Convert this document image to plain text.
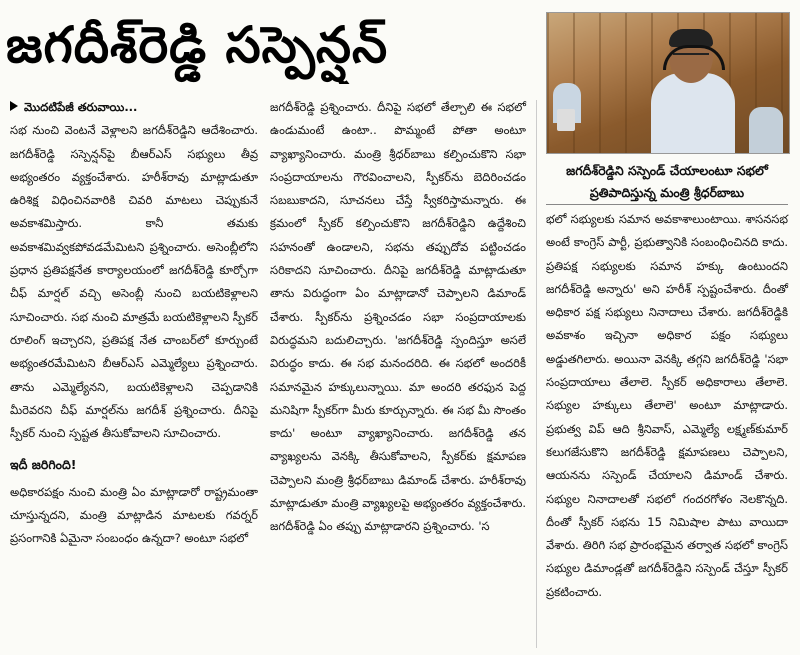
జగదీశ్‌రెడ్డి సస్పెన్షన్
జగదీశ్‌రెడ్డిని సస్పెండ్ చేయాలంటూ సభలో ప్రతిపాదిస్తున్న మంత్రి శ్రీధర్‌బాబు
మొదటిపేజీ తరువాయి...

సభ నుంచి వెంటనే వెళ్లాలని జగదీశ్‌రెడ్డిని ఆదేశించారు. జగదీశ్‌రెడ్డి సస్పెన్షన్‌పై బీఆర్ఎస్ సభ్యులు తీవ్ర అభ్యంతరం వ్యక్తంచేశారు. హరీశ్‌రావు మాట్లాడుతూ ఉరిశిక్ష విధించినవారికి చివరి మాటలు చెప్పుకునే అవకాశమిస్తారు. కానీ తమకు అవకాశమివ్వకపోవడమేమిటని ప్రశ్నించారు. అసెంబ్లీలోని ప్రధాన ప్రతిపక్షనేత కార్యాలయంలో జగదీశ్‌రెడ్డి కూర్చోగా చీఫ్ మార్షల్ వచ్చి అసెంబ్లీ నుంచి బయటికెళ్లాలని సూచించారు. సభ నుంచి మాత్రమే బయటికెళ్లాలని స్పీకర్ రూలింగ్ ఇచ్చారని, ప్రతిపక్ష నేత చాంబర్‌లో కూర్చుంటే అభ్యంతరమేమిటని బీఆర్ఎస్ ఎమ్మెల్యేలు ప్రశ్నించారు. తాను ఎమ్మెల్యేనని, బయటికెళ్లాలని చెప్పడానికి మీరెవరని చీఫ్ మార్షల్‌ను జగదీశ్ ప్రశ్నించారు. దీనిపై స్పీకర్ నుంచి స్పష్టత తీసుకోవాలని సూచించారు.

ఇదీ జరిగింది!

అధికారపక్షం నుంచి మంత్రి ఏం మాట్లాడారో రాష్ట్రమంతా చూస్తున్నదని, మంత్రి మాట్లాడిన మాటలకు గవర్నర్ ప్రసంగానికి ఏమైనా సంబంధం ఉన్నదా? అంటూ సభలో

జగదీశ్‌రెడ్డి ప్రశ్నించారు. దీనిపై సభలో తేల్చాలి ఈ సభలో ఉండుమంటే ఉంటా.. పొమ్మంటే పోతా అంటూ వ్యాఖ్యానించారు. మంత్రి శ్రీధర్‌బాబు కల్పించుకొని సభా సంప్రదాయాలను గౌరవించాలని, స్పీకర్‌ను బెదిరించడం సబబుకాదని, సూచనలు చేస్తే స్వీకరిస్తామన్నారు. ఈ క్రమంలో స్పీకర్ కల్పించుకొని జగదీశ్‌రెడ్డిని ఉద్దేశించి సహనంతో ఉండాలని, సభను తప్పుదోవ పట్టించడం సరికాదని సూచించారు. దీనిపై జగదీశ్‌రెడ్డి మాట్లాడుతూ తాను విరుద్ధంగా ఏం మాట్లాడానో చెప్పాలని డిమాండ్ చేశారు. స్పీకర్‌ను ప్రశ్నించడం సభా సంప్రదాయాలకు విరుద్ధమని బదులిచ్చారు. 'జగదీశ్‌రెడ్డి స్పందిస్తూ అసలే విరుద్ధం కాదు. ఈ సభ మనందరిది. ఈ సభలో అందరికీ సమానమైన హక్కులున్నాయి. మా అందరి తరఫున పెద్ద మనిషిగా స్పీకర్‌గా మీరు కూర్చున్నారు. ఈ సభ మీ సొంతం కాదు' అంటూ వ్యాఖ్యానించారు. జగదీశ్‌రెడ్డి తన వ్యాఖ్యలను వెనక్కి తీసుకోవాలని, స్పీకర్‌కు క్షమాపణ చెప్పాలని మంత్రి శ్రీధర్‌బాబు డిమాండ్ చేశారు. హరీశ్‌రావు మాట్లాడుతూ మంత్రి వ్యాఖ్యలపై అభ్యంతరం వ్యక్తంచేశారు. జగదీశ్‌రెడ్డి ఏం తప్పు మాట్లాడారని ప్రశ్నించారు. 'స

భలో సభ్యులకు సమాన అవకాశాలుంటాయి. శాసనసభ అంటే కాంగ్రెస్ పార్టీ, ప్రభుత్వానికి సంబంధించినది కాదు. ప్రతిపక్ష సభ్యులకు సమాన హక్కు ఉంటుందని జగదీశ్‌రెడ్డి అన్నారు' అని హరీశ్ స్పష్టంచేశారు. దీంతో అధికార పక్ష సభ్యులు నినాదాలు చేశారు. జగదీశ్‌రెడ్డికి అవకాశం ఇచ్చినా అధికార పక్షం సభ్యులు అడ్డుతగిలారు. అయినా వెనక్కి తగ్గని జగదీశ్‌రెడ్డి 'సభా సంప్రదాయాలు తేలాలె. స్పీకర్ అధికారాలు తేలాలె. సభ్యుల హక్కులు తేలాలె' అంటూ మాట్లాడారు. ప్రభుత్వ విప్ ఆది శ్రీనివాస్, ఎమ్మెల్యే లక్ష్మణ్‌కుమార్ కలుగజేసుకొని జగదీశ్‌రెడ్డి క్షమాపణలు చెప్పాలని, ఆయనను సస్పెండ్ చేయాలని డిమాండ్ చేశారు. సభ్యుల నినాదాలతో సభలో గందరగోళం నెలకొన్నది. దీంతో స్పీకర్ సభను 15 నిమిషాల పాటు వాయిదా వేశారు. తిరిగి సభ ప్రారంభమైన తర్వాత సభలో కాంగ్రెస్ సభ్యుల డిమాండ్లతో జగదీశ్‌రెడ్డిని సస్పెండ్ చేస్తూ స్పీకర్ ప్రకటించారు.
